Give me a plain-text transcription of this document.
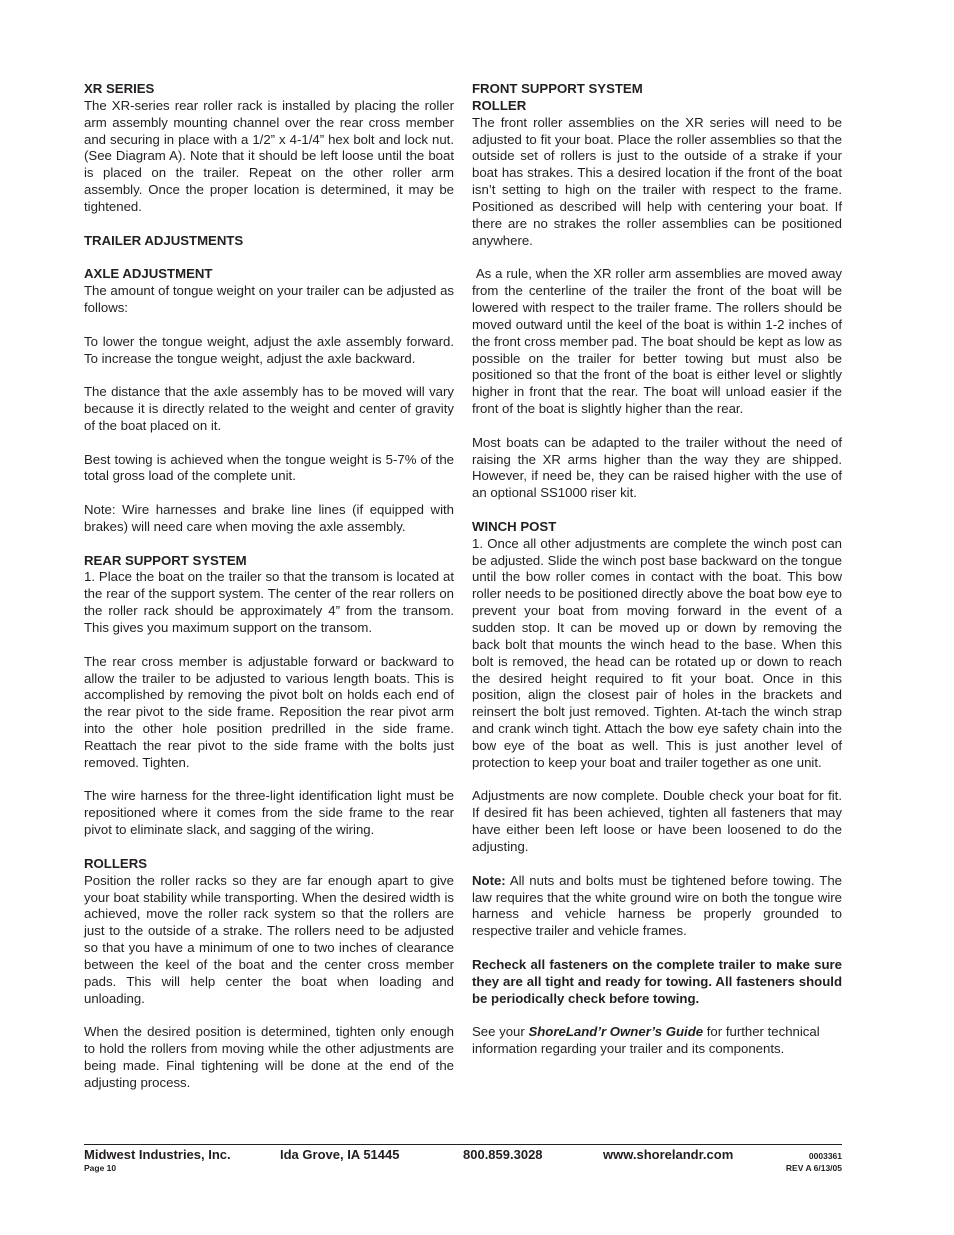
XR SERIES
The XR-series rear roller rack is installed by placing the roller arm assembly mounting channel over the rear cross member and securing in place with a 1/2” x 4-1/4” hex bolt and lock nut. (See Diagram A). Note that it should be left loose until the boat is placed on the trailer. Repeat on the other roller arm assembly. Once the proper location is determined, it may be tightened.

TRAILER ADJUSTMENTS

AXLE ADJUSTMENT
The amount of tongue weight on your trailer can be adjusted as follows:

To lower the tongue weight, adjust the axle assembly forward. To increase the tongue weight, adjust the axle backward.

The distance that the axle assembly has to be moved will vary because it is directly related to the weight and center of gravity of the boat placed on it.

Best towing is achieved when the tongue weight is 5-7% of the total gross load of the complete unit.

Note: Wire harnesses and brake line lines (if equipped with brakes) will need care when moving the axle assembly.

REAR SUPPORT SYSTEM
1. Place the boat on the trailer so that the transom is located at the rear of the support system. The center of the rear rollers on the roller rack should be approximately 4” from the transom. This gives you maximum support on the transom.

The rear cross member is adjustable forward or backward to allow the trailer to be adjusted to various length boats. This is accomplished by removing the pivot bolt on holds each end of the rear pivot to the side frame. Reposition the rear pivot arm into the other hole position predrilled in the side frame. Reattach the rear pivot to the side frame with the bolts just removed. Tighten.

The wire harness for the three-light identification light must be repositioned where it comes from the side frame to the rear pivot to eliminate slack, and sagging of the wiring.

ROLLERS
Position the roller racks so they are far enough apart to give your boat stability while transporting. When the desired width is achieved, move the roller rack system so that the rollers are just to the outside of a strake. The rollers need to be adjusted so that you have a minimum of one to two inches of clearance between the keel of the boat and the center cross member pads. This will help center the boat when loading and unloading.

When the desired position is determined, tighten only enough to hold the rollers from moving while the other adjustments are being made. Final tightening will be done at the end of the adjusting process.

FRONT SUPPORT SYSTEM
ROLLER
The front roller assemblies on the XR series will need to be adjusted to fit your boat. Place the roller assemblies so that the outside set of rollers is just to the outside of a strake if your boat has strakes. This a desired location if the front of the boat isn’t setting to high on the trailer with respect to the frame. Positioned as described will help with centering your boat. If there are no strakes the roller assemblies can be positioned anywhere.

As a rule, when the XR roller arm assemblies are moved away from the centerline of the trailer the front of the boat will be lowered with respect to the trailer frame. The rollers should be moved outward until the keel of the boat is within 1-2 inches of the front cross member pad. The boat should be kept as low as possible on the trailer for better towing but must also be positioned so that the front of the boat is either level or slightly higher in front that the rear. The boat will unload easier if the front of the boat is slightly higher than the rear.

Most boats can be adapted to the trailer without the need of raising the XR arms higher than the way they are shipped. However, if need be, they can be raised higher with the use of an optional SS1000 riser kit.

WINCH POST
1. Once all other adjustments are complete the winch post can be adjusted. Slide the winch post base backward on the tongue until the bow roller comes in contact with the boat. This bow roller needs to be positioned directly above the boat bow eye to prevent your boat from moving forward in the event of a sudden stop. It can be moved up or down by removing the back bolt that mounts the winch head to the base. When this bolt is removed, the head can be rotated up or down to reach the desired height required to fit your boat. Once in this position, align the closest pair of holes in the brackets and reinsert the bolt just removed. Tighten. At-tach the winch strap and crank winch tight. Attach the bow eye safety chain into the bow eye of the boat as well. This is just another level of protection to keep your boat and trailer together as one unit.

Adjustments are now complete. Double check your boat for fit. If desired fit has been achieved, tighten all fasteners that may have either been left loose or have been loosened to do the adjusting.

Note: All nuts and bolts must be tightened before towing. The law requires that the white ground wire on both the tongue wire harness and vehicle harness be properly grounded to respective trailer and vehicle frames.

Recheck all fasteners on the complete trailer to make sure they are all tight and ready for towing. All fasteners should be periodically check before towing.

See your ShoreLand’r Owner’s Guide for further technical information regarding your trailer and its components.

Midwest Industries, Inc.	Ida Grove, IA 51445	800.859.3028	www.shorelandr.com	0003361
Page 10	REV A 6/13/05
